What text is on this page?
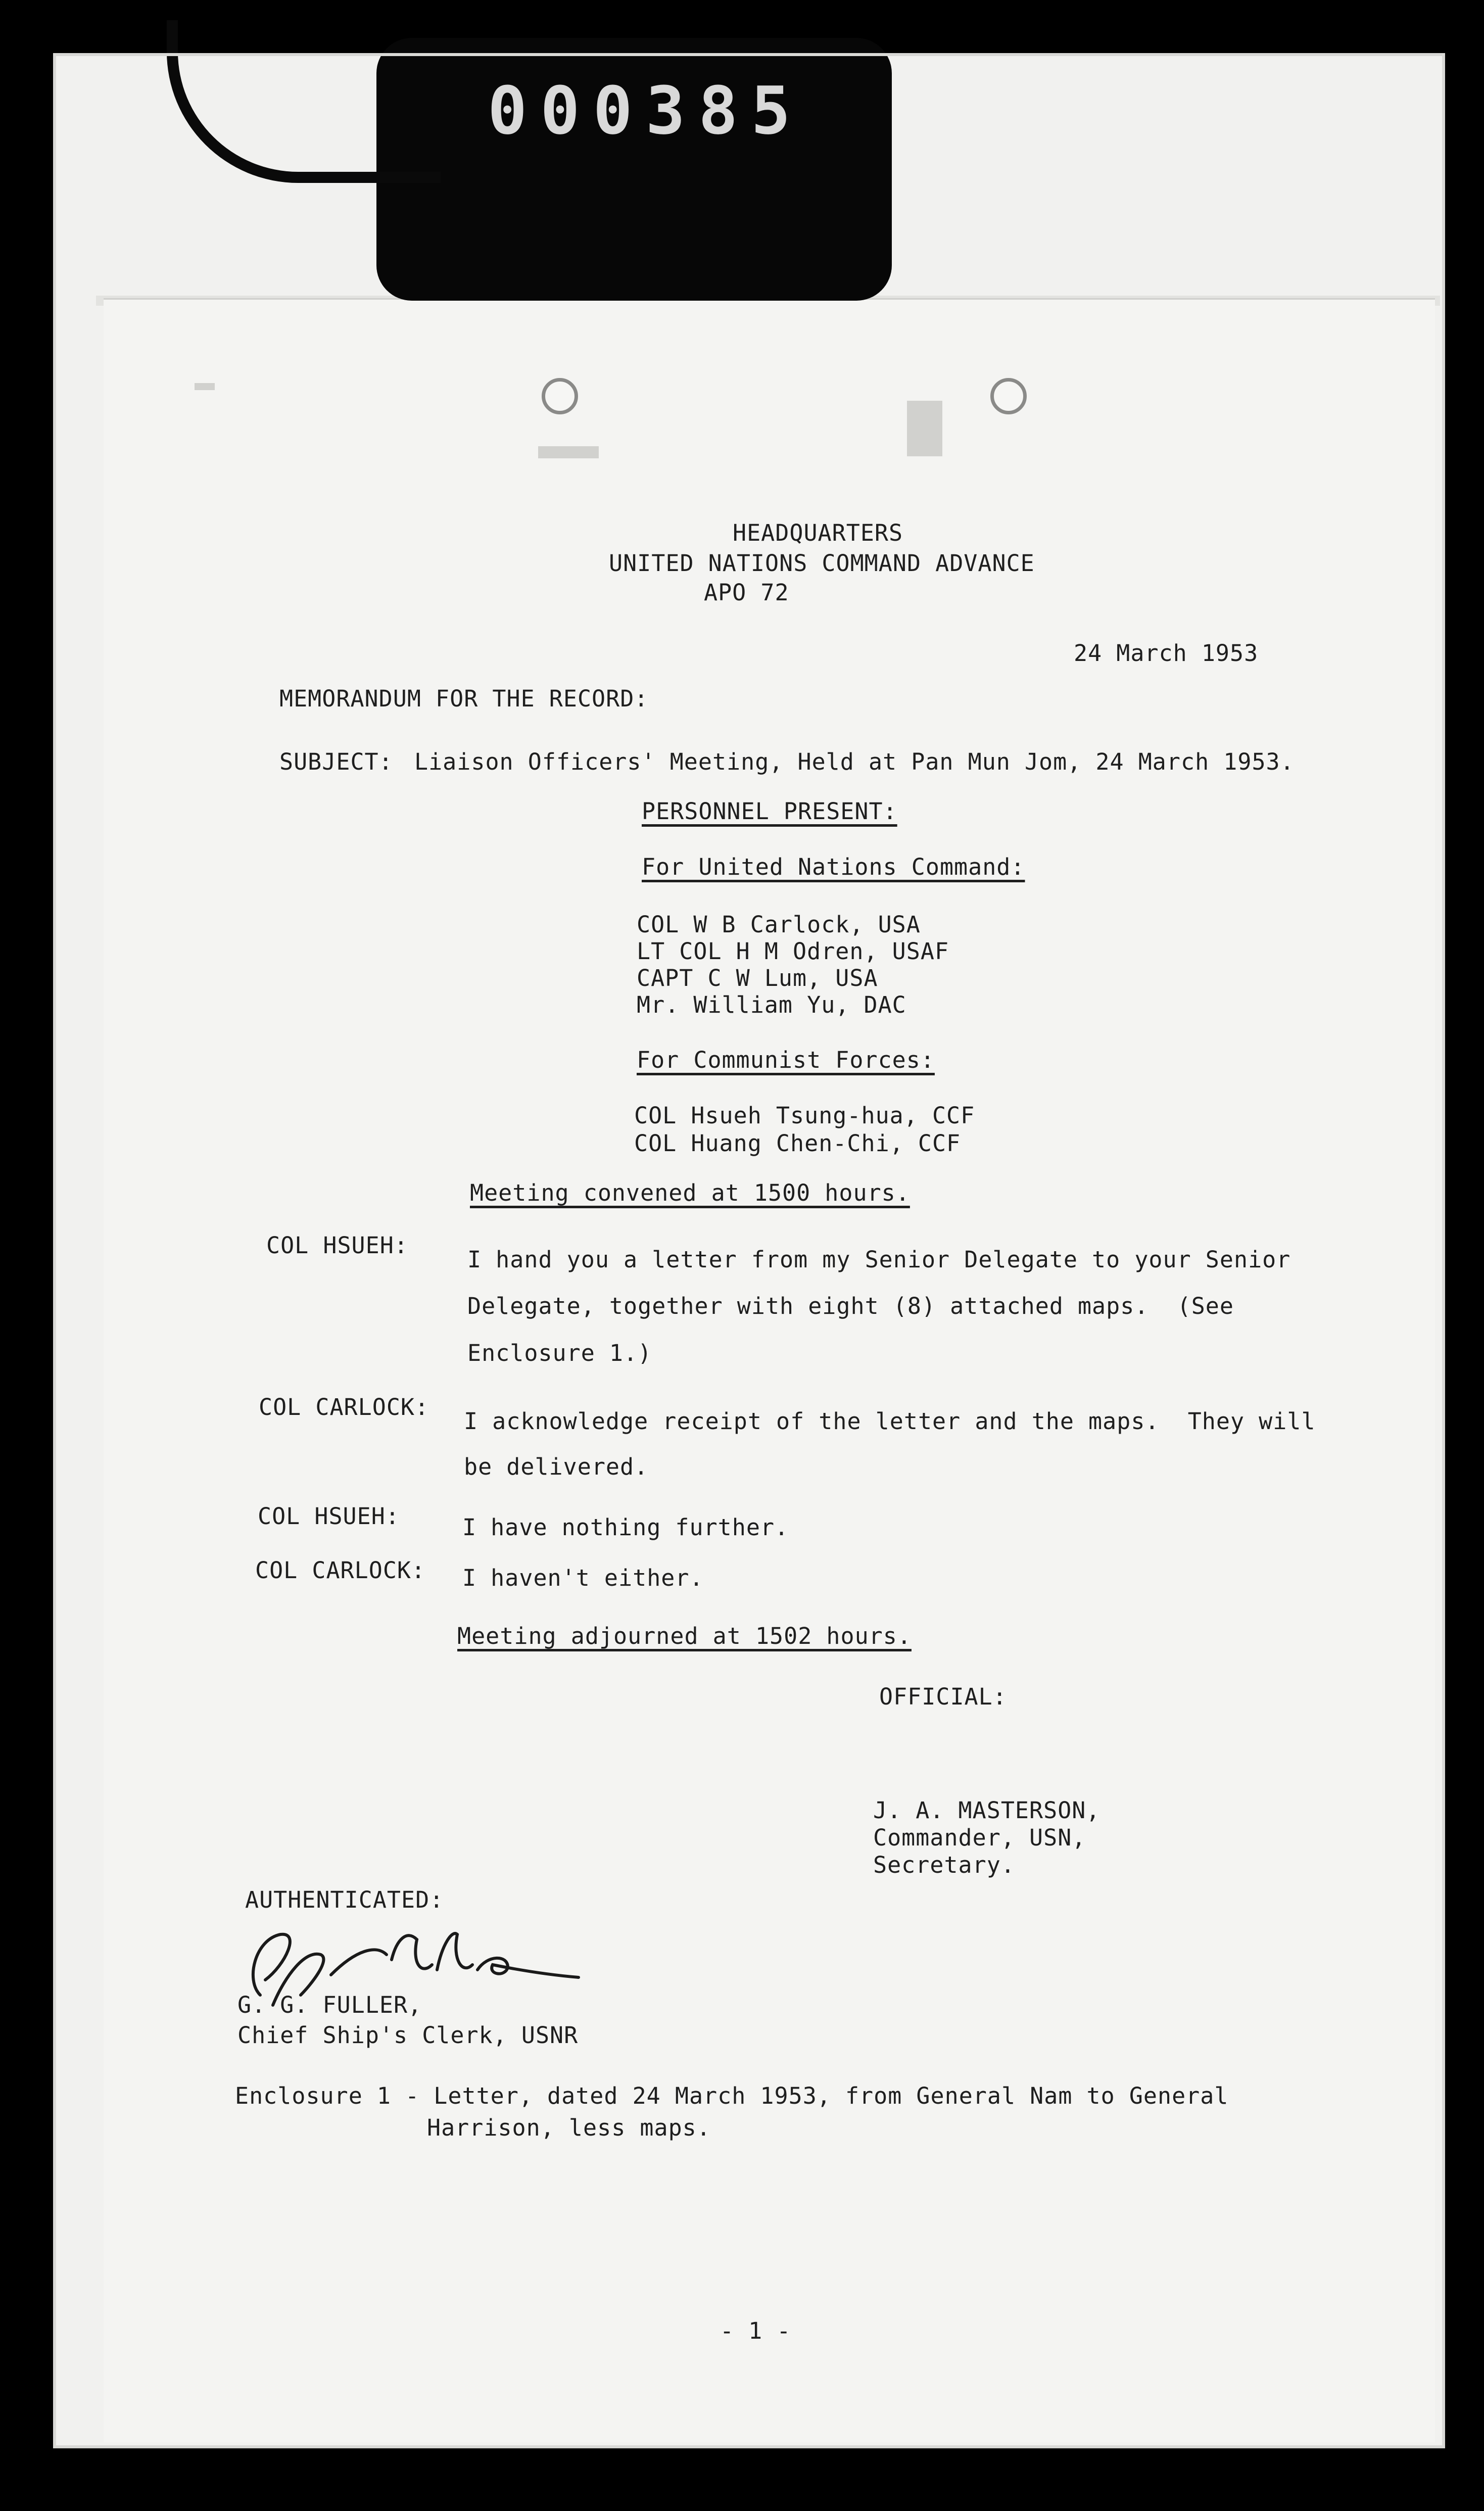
000385
HEADQUARTERS
UNITED NATIONS COMMAND ADVANCE
APO 72
24 March 1953
MEMORANDUM FOR THE RECORD:
SUBJECT: Liaison Officers' Meeting, Held at Pan Mun Jom, 24 March 1953.
PERSONNEL PRESENT:
For United Nations Command:
COL W B Carlock, USA
LT COL H M Odren, USAF
CAPT C W Lum, USA
Mr. William Yu, DAC
For Communist Forces:
COL Hsueh Tsung-hua, CCF
COL Huang Chen-Chi, CCF
Meeting convened at 1500 hours.
COL HSUEH:
I hand you a letter from my Senior Delegate to your Senior
Delegate, together with eight (8) attached maps.  (See
Enclosure 1.)
COL CARLOCK:
I acknowledge receipt of the letter and the maps.  They will
be delivered.
COL HSUEH:	I have nothing further.
COL CARLOCK: I haven't either.
Meeting adjourned at 1502 hours.
OFFICIAL:
J. A. MASTERSON,
Commander, USN,
Secretary.
AUTHENTICATED:
G. G. FULLER,
Chief Ship's Clerk, USNR
Enclosure 1 - Letter, dated 24 March 1953, from General Nam to General
Harrison, less maps.
- 1 -
